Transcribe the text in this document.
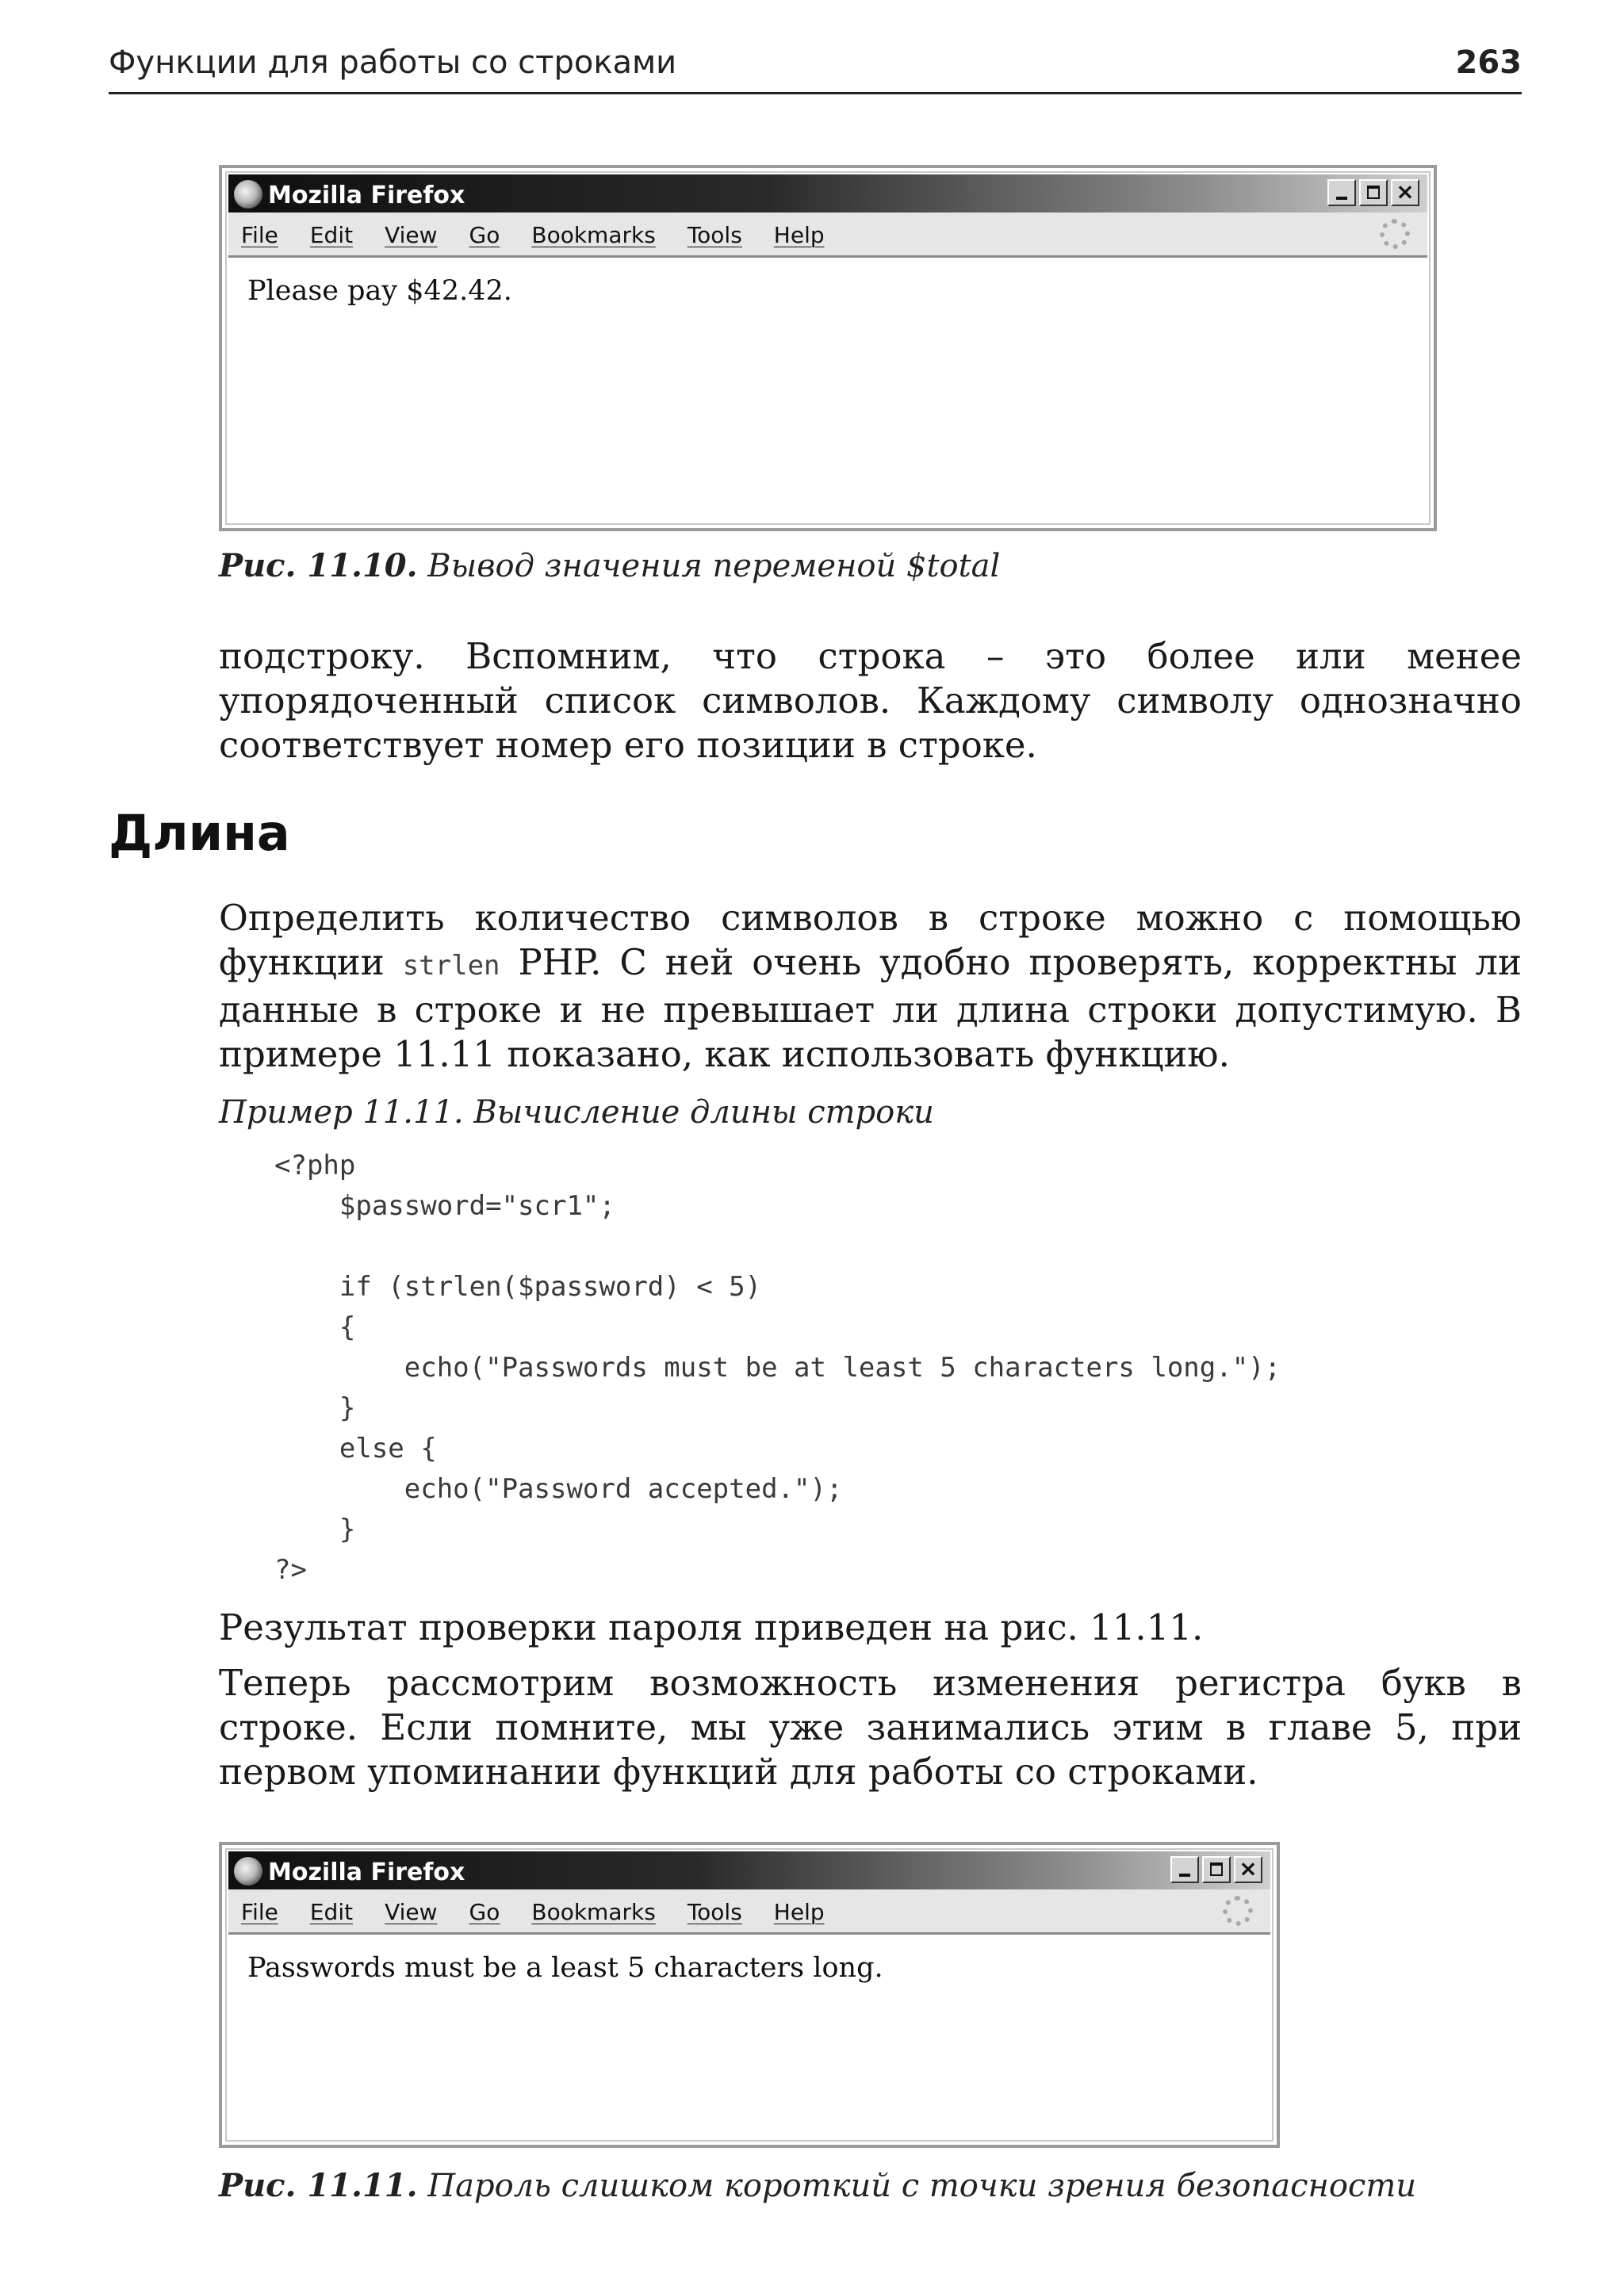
Функции для работы со строками	263
Mozilla Firefox	×
File Edit View Go Bookmarks Tools Help
Please pay $42.42.
Рис. 11.10. Вывод значения переменой $total
подстроку. Вспомним, что строка – это более или менее упорядоченный список символов. Каждому символу однозначно соответствует номер его позиции в строке.
Длина
Определить количество символов в строке можно с помощью функции strlen PHP. С ней очень удобно проверять, корректны ли данные в строке и не превышает ли длина строки допустимую. В примере 11.11 показано, как использовать функцию.
Пример 11.11. Вычисление длины строки
<?php
$password="scr1";
if (strlen($password) < 5)
{
echo("Passwords must be at least 5 characters long.");
}
else {
echo("Password accepted.");
}
?>
Результат проверки пароля приведен на рис. 11.11.
Теперь рассмотрим возможность изменения регистра букв в строке. Если помните, мы уже занимались этим в главе 5, при первом упоминании функций для работы со строками.
Mozilla Firefox	×
File Edit View Go Bookmarks Tools Help
Passwords must be a least 5 characters long.
Рис. 11.11. Пароль слишком короткий с точки зрения безопасности
